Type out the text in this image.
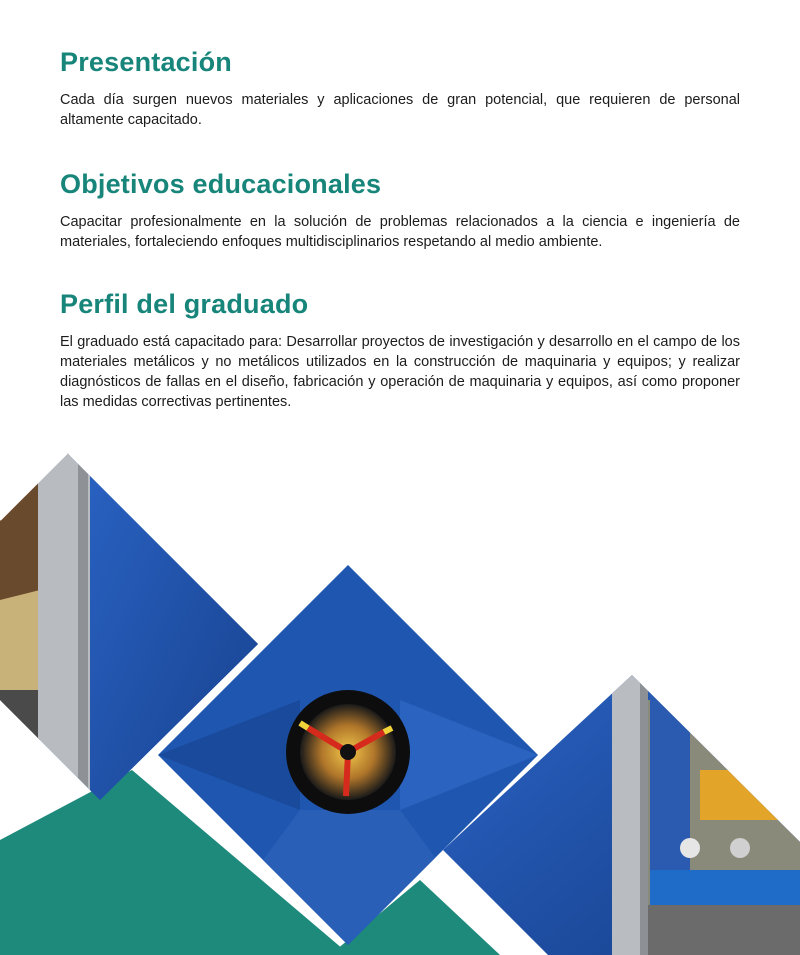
Presentación

Cada día surgen nuevos materiales y aplicaciones de gran potencial, que requieren de personal altamente capacitado.

Objetivos educacionales

Capacitar profesionalmente en la solución de problemas relacionados a la ciencia e ingeniería de materiales, fortaleciendo enfoques multidisciplinarios respetando al medio ambiente.

Perfil del graduado

El graduado está capacitado para: Desarrollar proyectos de investigación y desarrollo en el campo de los materiales metálicos y no metálicos utilizados en la construcción de maquinaria y equipos; y realizar diagnósticos de fallas en el diseño, fabricación y operación de maquinaria y equipos, así como proponer las medidas correctivas pertinentes.
